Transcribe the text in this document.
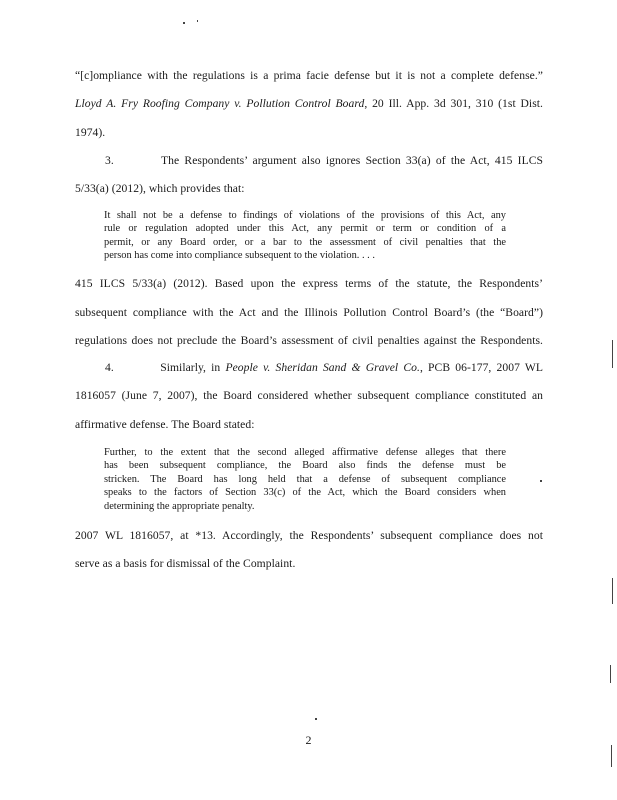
“[c]ompliance with the regulations is a prima facie defense but it is not a complete defense.”
Lloyd A. Fry Roofing Company v. Pollution Control Board, 20 Ill. App. 3d 301, 310 (1st Dist.
1974).
3.         The Respondents’ argument also ignores Section 33(a) of the Act, 415 ILCS
5/33(a) (2012), which provides that:
It shall not be a defense to findings of violations of the provisions of this Act, any
rule or regulation adopted under this Act, any permit or term or condition of a
permit, or any Board order, or a bar to the assessment of civil penalties that the
person has come into compliance subsequent to the violation. . . .
415 ILCS 5/33(a) (2012). Based upon the express terms of the statute, the Respondents’
subsequent compliance with the Act and the Illinois Pollution Control Board’s (the “Board”)
regulations does not preclude the Board’s assessment of civil penalties against the Respondents.
4.         Similarly, in People v. Sheridan Sand & Gravel Co., PCB 06-177, 2007 WL
1816057 (June 7, 2007), the Board considered whether subsequent compliance constituted an
affirmative defense. The Board stated:
Further, to the extent that the second alleged affirmative defense alleges that there
has been subsequent compliance, the Board also finds the defense must be
stricken. The Board has long held that a defense of subsequent compliance
speaks to the factors of Section 33(c) of the Act, which the Board considers when
determining the appropriate penalty.
2007 WL 1816057, at *13. Accordingly, the Respondents’ subsequent compliance does not
serve as a basis for dismissal of the Complaint.
2
